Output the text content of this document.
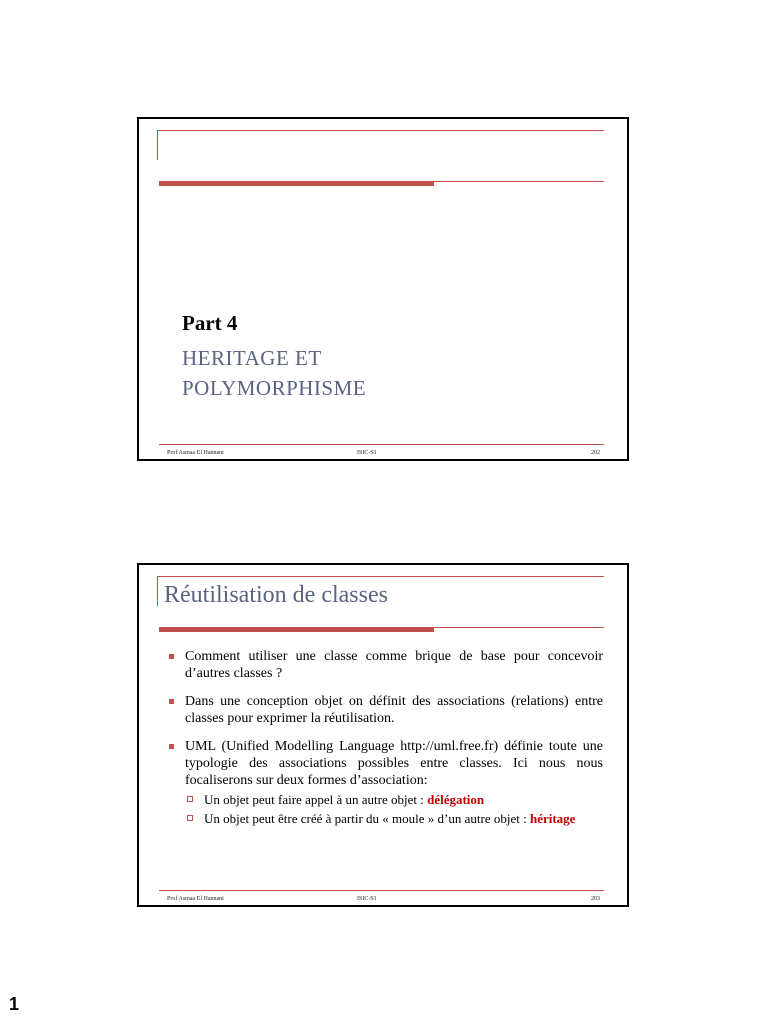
Part 4
HERITAGE ET
POLYMORPHISME
Prof Asmaa El Hannani	ISIC-S1	202
Réutilisation de classes
Comment utiliser une classe comme brique de base pour concevoir d’autres classes ?
Dans une conception objet on définit des associations (relations) entre classes pour exprimer la réutilisation.
UML (Unified Modelling Language http://uml.free.fr) définie toute une typologie des associations possibles entre classes. Ici nous nous focaliserons sur deux formes d’association:
Un objet peut faire appel à un autre objet : délégation
Un objet peut être créé à partir du « moule » d’un autre objet : héritage
Prof Asmaa El Hannani	ISIC-S1	203
1
